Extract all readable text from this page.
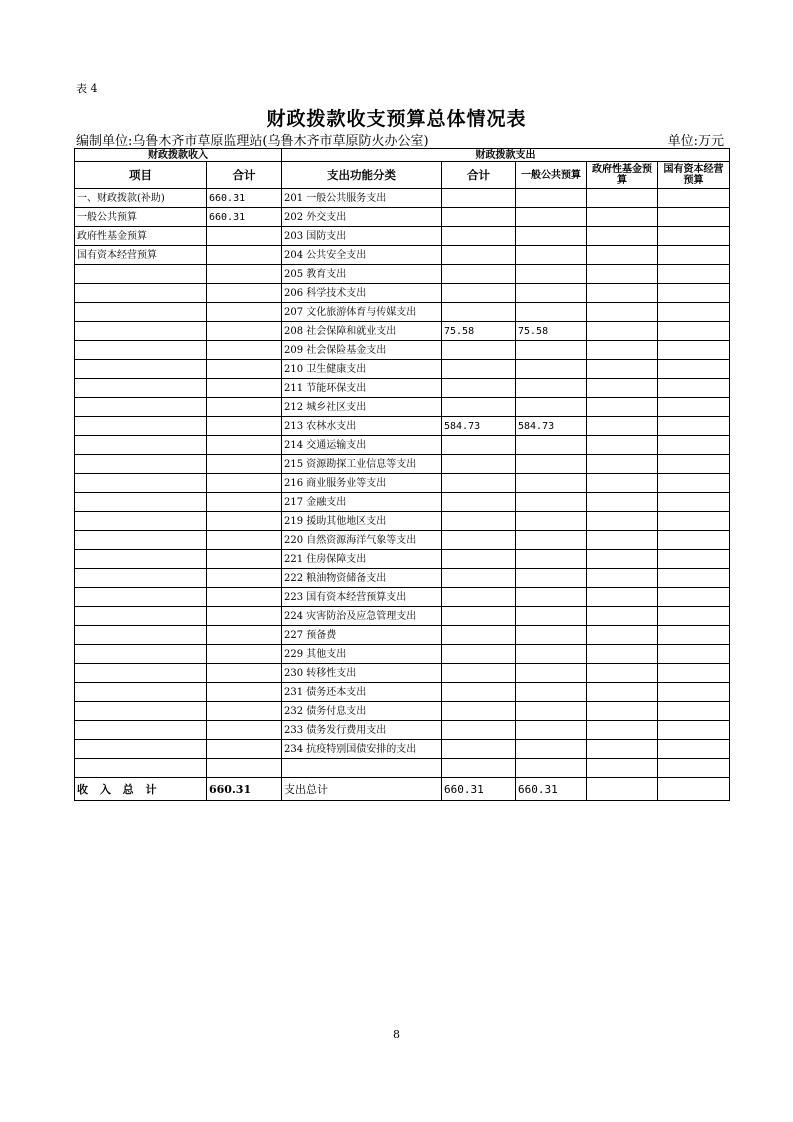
表 4
财政拨款收支预算总体情况表
编制单位:乌鲁木齐市草原监理站(乌鲁木齐市草原防火办公室)	单位:万元
财政拨款收入		财政拨款支出				
项目	合计	支出功能分类	合计	一般公共预算	政府性基金预算	国有资本经营预算
一、财政拨款(补助)	660.31	201 一般公共服务支出				
一般公共预算	660.31	202 外交支出				
政府性基金预算		203 国防支出				
国有资本经营预算		204 公共安全支出				
		205 教育支出				
		206 科学技术支出				
		207 文化旅游体育与传媒支出				
		208 社会保障和就业支出	75.58	75.58		
		209 社会保险基金支出				
		210 卫生健康支出				
		211 节能环保支出				
		212 城乡社区支出				
		213 农林水支出	584.73	584.73		
		214 交通运输支出				
		215 资源勘探工业信息等支出				
		216 商业服务业等支出				
		217 金融支出				
		219 援助其他地区支出				
		220 自然资源海洋气象等支出				
		221 住房保障支出				
		222 粮油物资储备支出				
		223 国有资本经营预算支出				
		224 灾害防治及应急管理支出				
		227 预备费				
		229 其他支出				
		230 转移性支出				
		231 债务还本支出				
		232 债务付息支出				
		233 债务发行费用支出				
		234 抗疫特别国债安排的支出				

收 入 总 计	660.31	支出总计	660.31	660.31		
8
